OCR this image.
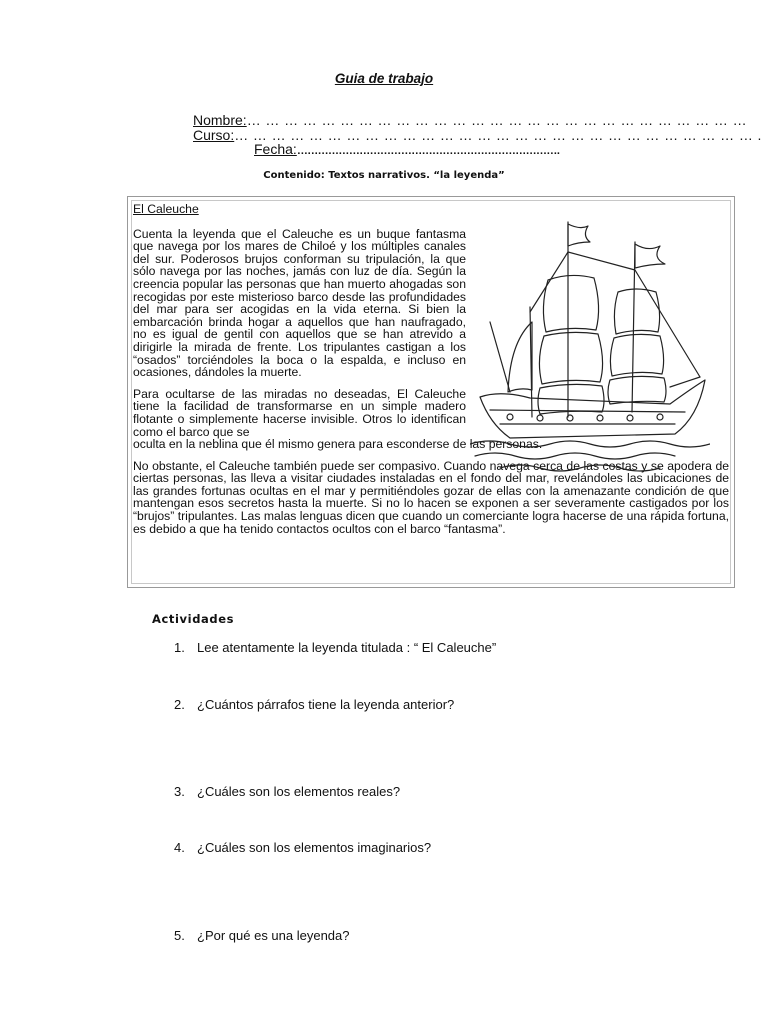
Guia de trabajo
Nombre:… … … … … … … … … … … … … … … … … … … … … … … … … … …
Curso:… … … … … … … … … … … … … … … … … … … … … … … … … … … … .
Fecha:………………………………………………………………….
Contenido: Textos narrativos. “la leyenda”
El Caleuche

Cuenta la leyenda que el Caleuche es un buque fantasma que navega por los mares de Chiloé y los múltiples canales del sur. Poderosos brujos conforman su tripulación, la que sólo navega por las noches, jamás con luz de día. Según la creencia popular las personas que han muerto ahogadas son recogidas por este misterioso barco desde las profundidades del mar para ser acogidas en la vida eterna. Si bien la embarcación brinda hogar a aquellos que han naufragado, no es igual de gentil con aquellos que se han atrevido a dirigirle la mirada de frente. Los tripulantes castigan a los “osados” torciéndoles la boca o la espalda, e incluso en ocasiones, dándoles la muerte.

Para ocultarse de las miradas no deseadas, El Caleuche tiene la facilidad de transformarse en un simple madero flotante o simplemente hacerse invisible. Otros lo identifican como el barco que se
oculta en la neblina que él mismo genera para esconderse de las personas.

No obstante, el Caleuche también puede ser compasivo. Cuando navega cerca de las costas y se apodera de ciertas personas, las lleva a visitar ciudades instaladas en el fondo del mar, revelándoles las ubicaciones de las grandes fortunas ocultas en el mar y permitiéndoles gozar de ellas con la amenazante condición de que mantengan esos secretos hasta la muerte. Si no lo hacen se exponen a ser severamente castigados por los “brujos” tripulantes. Las malas lenguas dicen que cuando un comerciante logra hacerse de una rápida fortuna, es debido a que ha tenido contactos ocultos con el barco “fantasma”.

Actividades
1. Lee atentamente la leyenda titulada : “ El Caleuche”
2. ¿Cuántos párrafos tiene la leyenda anterior?
3. ¿Cuáles son los elementos reales?
4. ¿Cuáles son los elementos imaginarios?
5. ¿Por qué es una leyenda?
